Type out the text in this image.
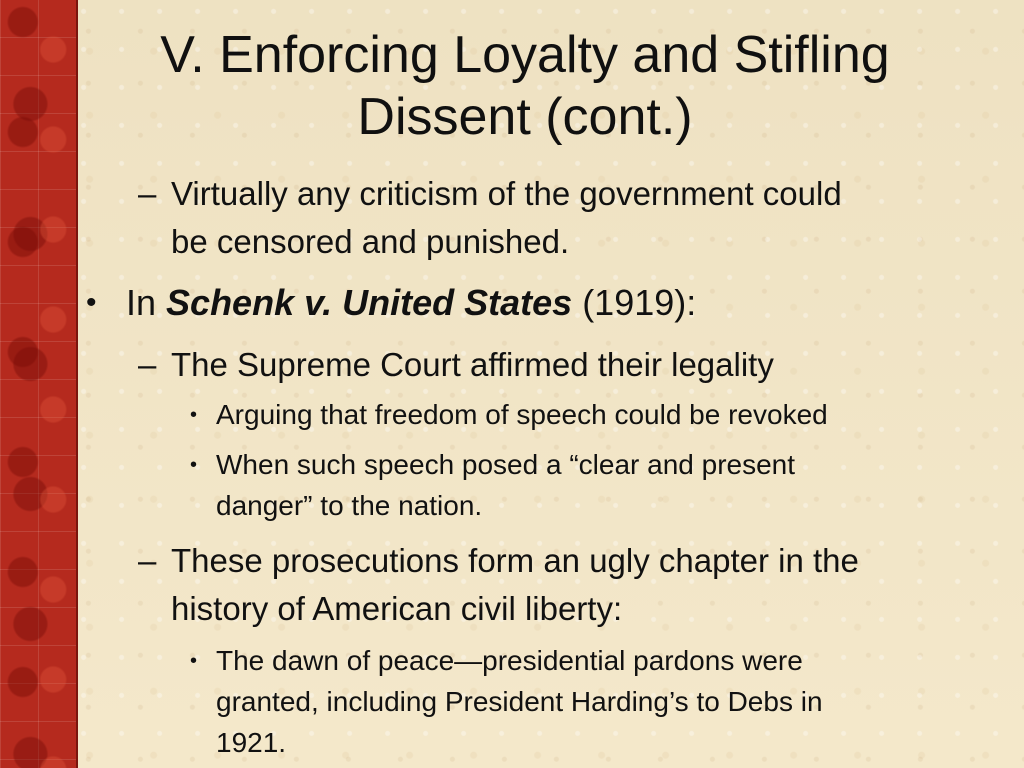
V. Enforcing Loyalty and Stifling
Dissent (cont.)
– Virtually any criticism of the government could
be censored and punished.
• In Schenk v. United States (1919):
– The Supreme Court affirmed their legality
• Arguing that freedom of speech could be revoked
• When such speech posed a “clear and present
danger” to the nation.
– These prosecutions form an ugly chapter in the
history of American civil liberty:
• The dawn of peace—presidential pardons were
granted, including President Harding’s to Debs in
1921.
